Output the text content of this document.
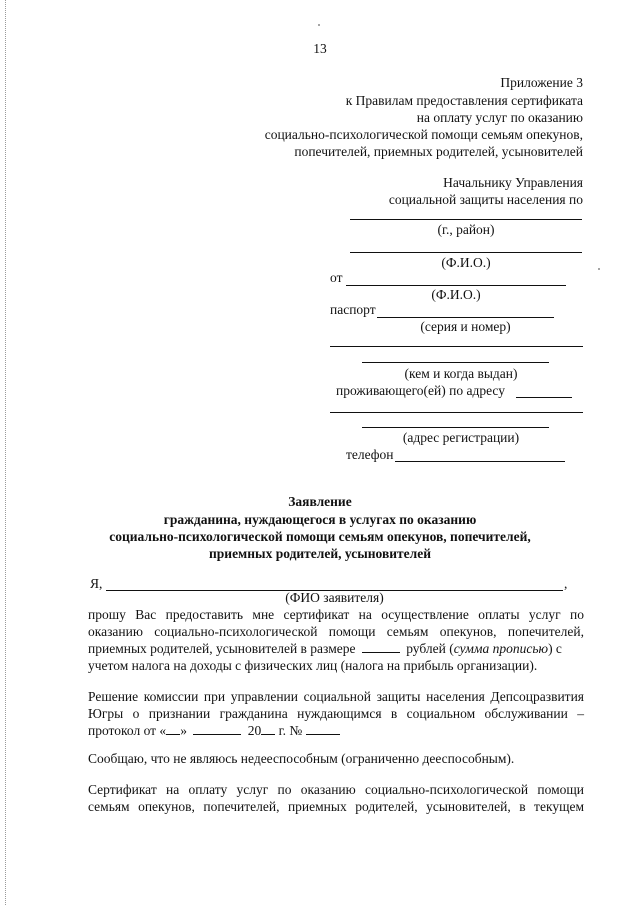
13
Приложение 3
к Правилам предоставления сертификата
на оплату услуг по оказанию
социально-психологической помощи семьям опекунов,
попечителей, приемных родителей, усыновителей
Начальнику Управления
социальной защиты населения по
(г., район)
(Ф.И.О.)
от
(Ф.И.О.)
паспорт
(серия и номер)
(кем и когда выдан)
проживающего(ей) по адресу
(адрес регистрации)
телефон
Заявление
гражданина, нуждающегося в услугах по оказанию
социально-психологической помощи семьям опекунов, попечителей,
приемных родителей, усыновителей
Я,	,
(ФИО заявителя)
прошу Вас предоставить мне сертификат на осуществление оплаты услуг по
оказанию социально-психологической помощи семьям опекунов, попечителей,
приемных родителей, усыновителей в размере	рублей (сумма прописью) с
учетом налога на доходы с физических лиц (налога на прибыль организации).
Решение комиссии при управлении социальной защиты населения Депсоцразвития
Югры о признании гражданина нуждающимся в социальном обслуживании –
протокол от « »	20 г. №
Сообщаю, что не являюсь недееспособным (ограниченно дееспособным).
Сертификат на оплату услуг по оказанию социально-психологической помощи
семьям опекунов, попечителей, приемных родителей, усыновителей, в текущем
